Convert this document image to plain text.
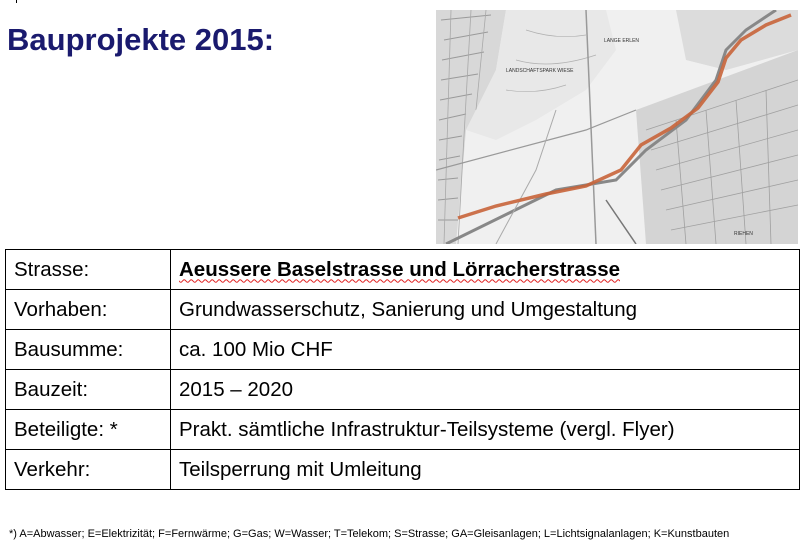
Bauprojekte 2015:	LANGE ERLEN
LANDSCHAFTSPARK WIESE
RIEHEN
Strasse:	Aeussere Baselstrasse und Lörracherstrasse
Vorhaben:	Grundwasserschutz, Sanierung und Umgestaltung
Bausumme:	ca. 100 Mio CHF
Bauzeit:	2015 – 2020
Beteiligte: *	Prakt. sämtliche Infrastruktur-Teilsysteme (vergl. Flyer)
Verkehr:	Teilsperrung mit Umleitung
*) A=Abwasser; E=Elektrizität; F=Fernwärme; G=Gas; W=Wasser; T=Telekom; S=Strasse; GA=Gleisanlagen; L=Lichtsignalanlagen; K=Kunstbauten
